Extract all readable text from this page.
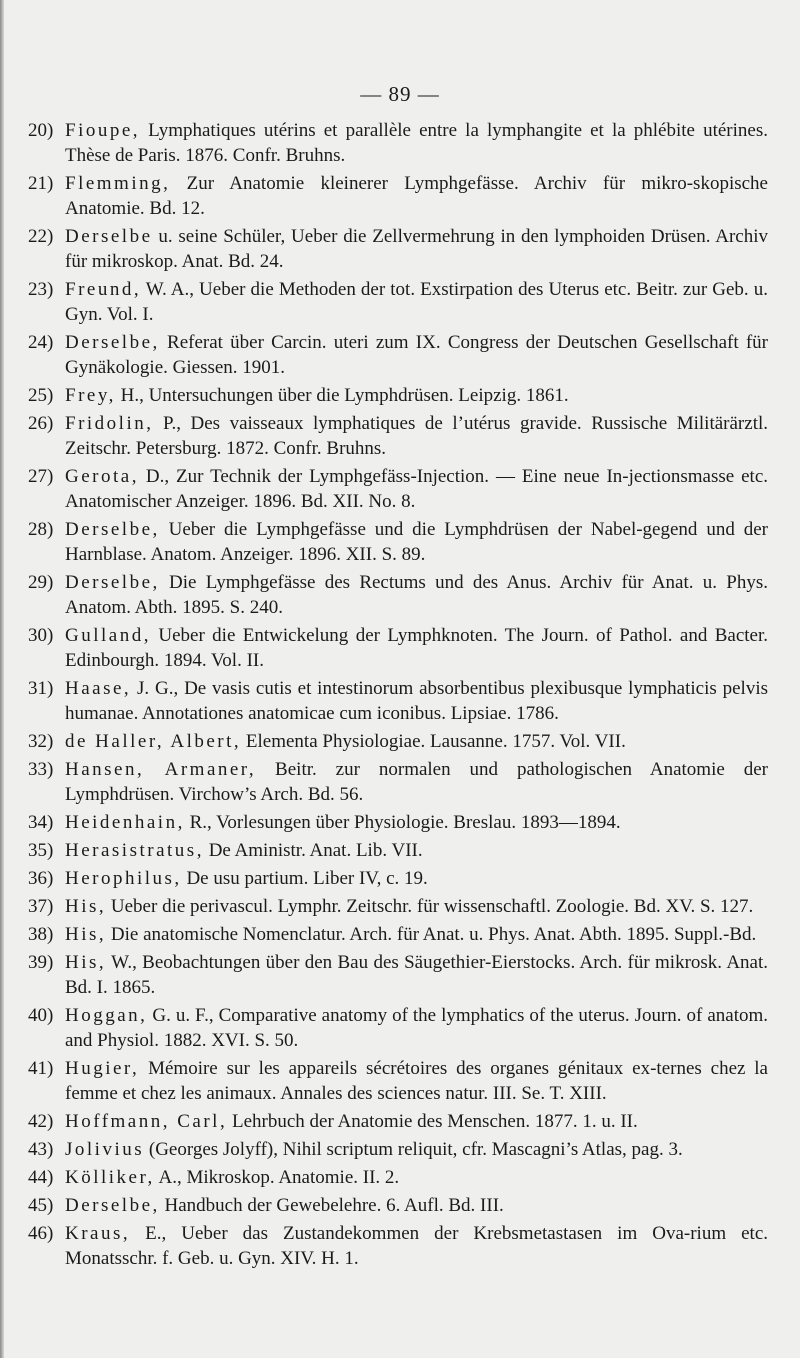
— 89 —
20) Fioupe, Lymphatiques utérins et parallèle entre la lymphangite et la phlébite utérines. Thèse de Paris. 1876. Confr. Bruhns.
21) Flemming, Zur Anatomie kleinerer Lymphgefässe. Archiv für mikro-skopische Anatomie. Bd. 12.
22) Derselbe u. seine Schüler, Ueber die Zellvermehrung in den lymphoiden Drüsen. Archiv für mikroskop. Anat. Bd. 24.
23) Freund, W. A., Ueber die Methoden der tot. Exstirpation des Uterus etc. Beitr. zur Geb. u. Gyn. Vol. I.
24) Derselbe, Referat über Carcin. uteri zum IX. Congress der Deutschen Gesellschaft für Gynäkologie. Giessen. 1901.
25) Frey, H., Untersuchungen über die Lymphdrüsen. Leipzig. 1861.
26) Fridolin, P., Des vaisseaux lymphatiques de l’utérus gravide. Russische Militärärztl. Zeitschr. Petersburg. 1872. Confr. Bruhns.
27) Gerota, D., Zur Technik der Lymphgefäss-Injection. — Eine neue In-jectionsmasse etc. Anatomischer Anzeiger. 1896. Bd. XII. No. 8.
28) Derselbe, Ueber die Lymphgefässe und die Lymphdrüsen der Nabel-gegend und der Harnblase. Anatom. Anzeiger. 1896. XII. S. 89.
29) Derselbe, Die Lymphgefässe des Rectums und des Anus. Archiv für Anat. u. Phys. Anatom. Abth. 1895. S. 240.
30) Gulland, Ueber die Entwickelung der Lymphknoten. The Journ. of Pathol. and Bacter. Edinbourgh. 1894. Vol. II.
31) Haase, J. G., De vasis cutis et intestinorum absorbentibus plexibusque lymphaticis pelvis humanae. Annotationes anatomicae cum iconibus. Lipsiae. 1786.
32) de Haller, Albert, Elementa Physiologiae. Lausanne. 1757. Vol. VII.
33) Hansen, Armaner, Beitr. zur normalen und pathologischen Anatomie der Lymphdrüsen. Virchow’s Arch. Bd. 56.
34) Heidenhain, R., Vorlesungen über Physiologie. Breslau. 1893—1894.
35) Herasistratus, De Aministr. Anat. Lib. VII.
36) Herophilus, De usu partium. Liber IV, c. 19.
37) His, Ueber die perivascul. Lymphr. Zeitschr. für wissenschaftl. Zoologie. Bd. XV. S. 127.
38) His, Die anatomische Nomenclatur. Arch. für Anat. u. Phys. Anat. Abth. 1895. Suppl.-Bd.
39) His, W., Beobachtungen über den Bau des Säugethier-Eierstocks. Arch. für mikrosk. Anat. Bd. I. 1865.
40) Hoggan, G. u. F., Comparative anatomy of the lymphatics of the uterus. Journ. of anatom. and Physiol. 1882. XVI. S. 50.
41) Hugier, Mémoire sur les appareils sécrétoires des organes génitaux ex-ternes chez la femme et chez les animaux. Annales des sciences natur. III. Se. T. XIII.
42) Hoffmann, Carl, Lehrbuch der Anatomie des Menschen. 1877. 1. u. II.
43) Jolivius (Georges Jolyff), Nihil scriptum reliquit, cfr. Mascagni’s Atlas, pag. 3.
44) Kölliker, A., Mikroskop. Anatomie. II. 2.
45) Derselbe, Handbuch der Gewebelehre. 6. Aufl. Bd. III.
46) Kraus, E., Ueber das Zustandekommen der Krebsmetastasen im Ova-rium etc. Monatsschr. f. Geb. u. Gyn. XIV. H. 1.
